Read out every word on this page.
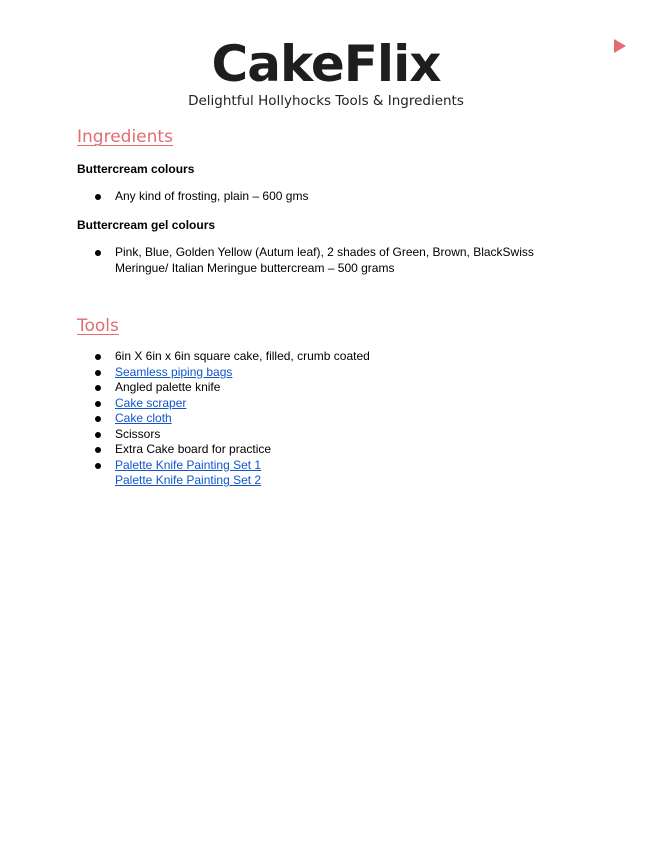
CakeFlix
Delightful Hollyhocks Tools & Ingredients
Ingredients
Buttercream colours
Any kind of frosting, plain – 600 gms
Buttercream gel colours
Pink, Blue, Golden Yellow (Autum leaf), 2 shades of Green, Brown, BlackSwiss Meringue/ Italian Meringue buttercream – 500 grams
Tools
6in X 6in x 6in square cake, filled, crumb coated
Seamless piping bags
Angled palette knife
Cake scraper
Cake cloth
Scissors
Extra Cake board for practice
Palette Knife Painting Set 1
Palette Knife Painting Set 2
